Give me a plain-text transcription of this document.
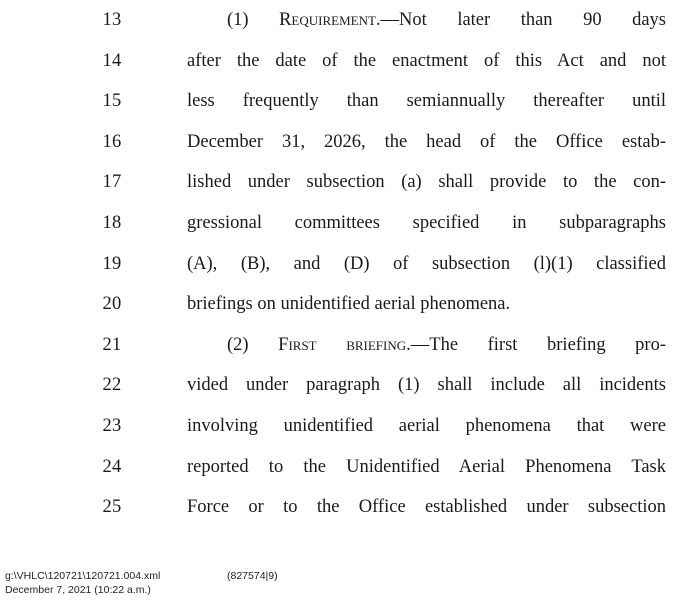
13	(1) Requirement.—Not later than 90 days
14	after the date of the enactment of this Act and not
15	less frequently than semiannually thereafter until
16	December 31, 2026, the head of the Office estab-
17	lished under subsection (a) shall provide to the con-
18	gressional committees specified in subparagraphs
19	(A), (B), and (D) of subsection (l)(1) classified
20	briefings on unidentified aerial phenomena.
21	(2) First briefing.—The first briefing pro-
22	vided under paragraph (1) shall include all incidents
23	involving unidentified aerial phenomena that were
24	reported to the Unidentified Aerial Phenomena Task
25	Force or to the Office established under subsection
g:\VHLC\120721\120721.004.xml	(827574|9)
December 7, 2021 (10:22 a.m.)
